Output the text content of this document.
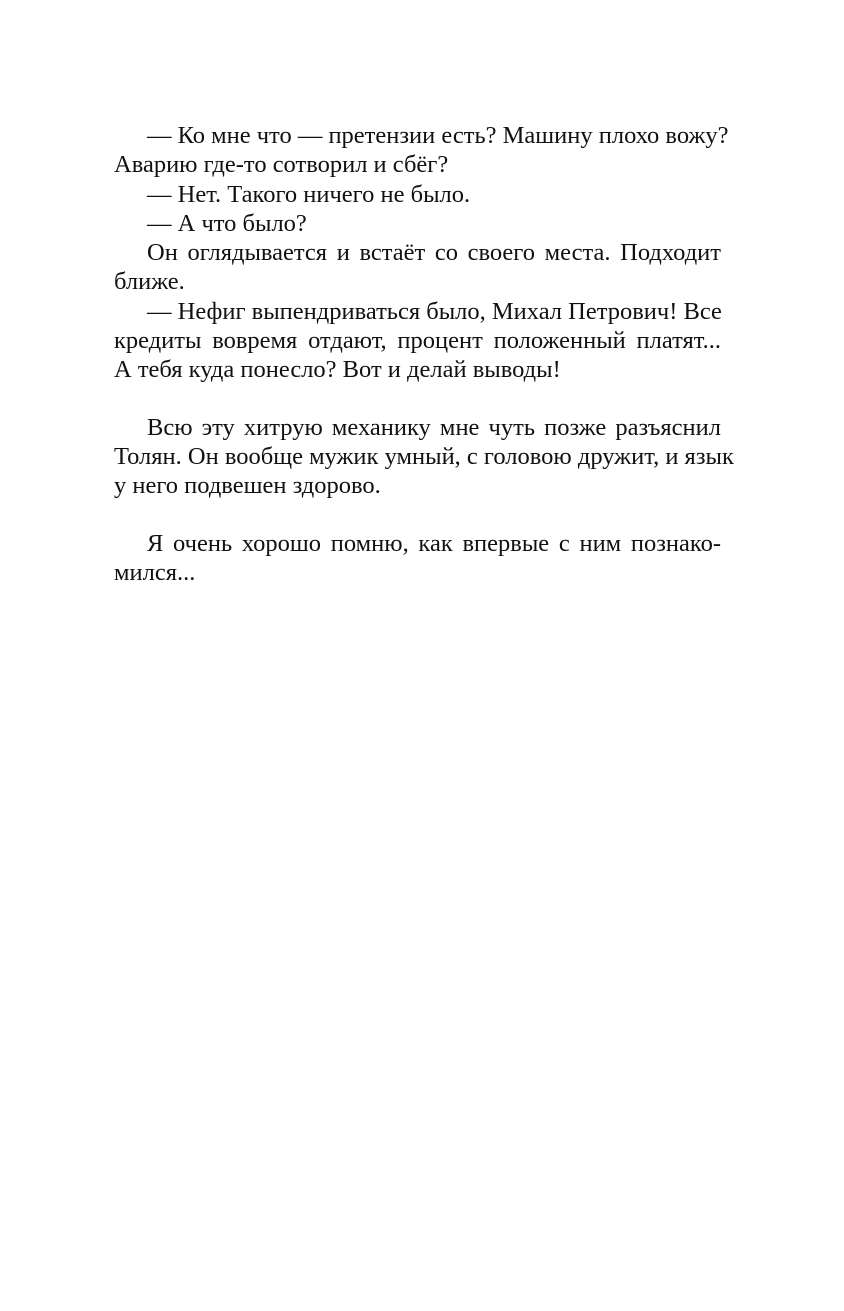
— Ко мне что — претензии есть? Машину плохо вожу?
Аварию где-то сотворил и сбёг?
— Нет. Такого ничего не было.
— А что было?
Он оглядывается и встаёт со своего места. Подходит
ближе.
— Нефиг выпендриваться было, Михал Петрович! Все
кредиты вовремя отдают, процент положенный платят...
А тебя куда понесло? Вот и делай выводы!
Всю эту хитрую механику мне чуть позже разъяснил
Толян. Он вообще мужик умный, с головою дружит, и язык
у него подвешен здорово.
Я очень хорошо помню, как впервые с ним познако-
мился...
